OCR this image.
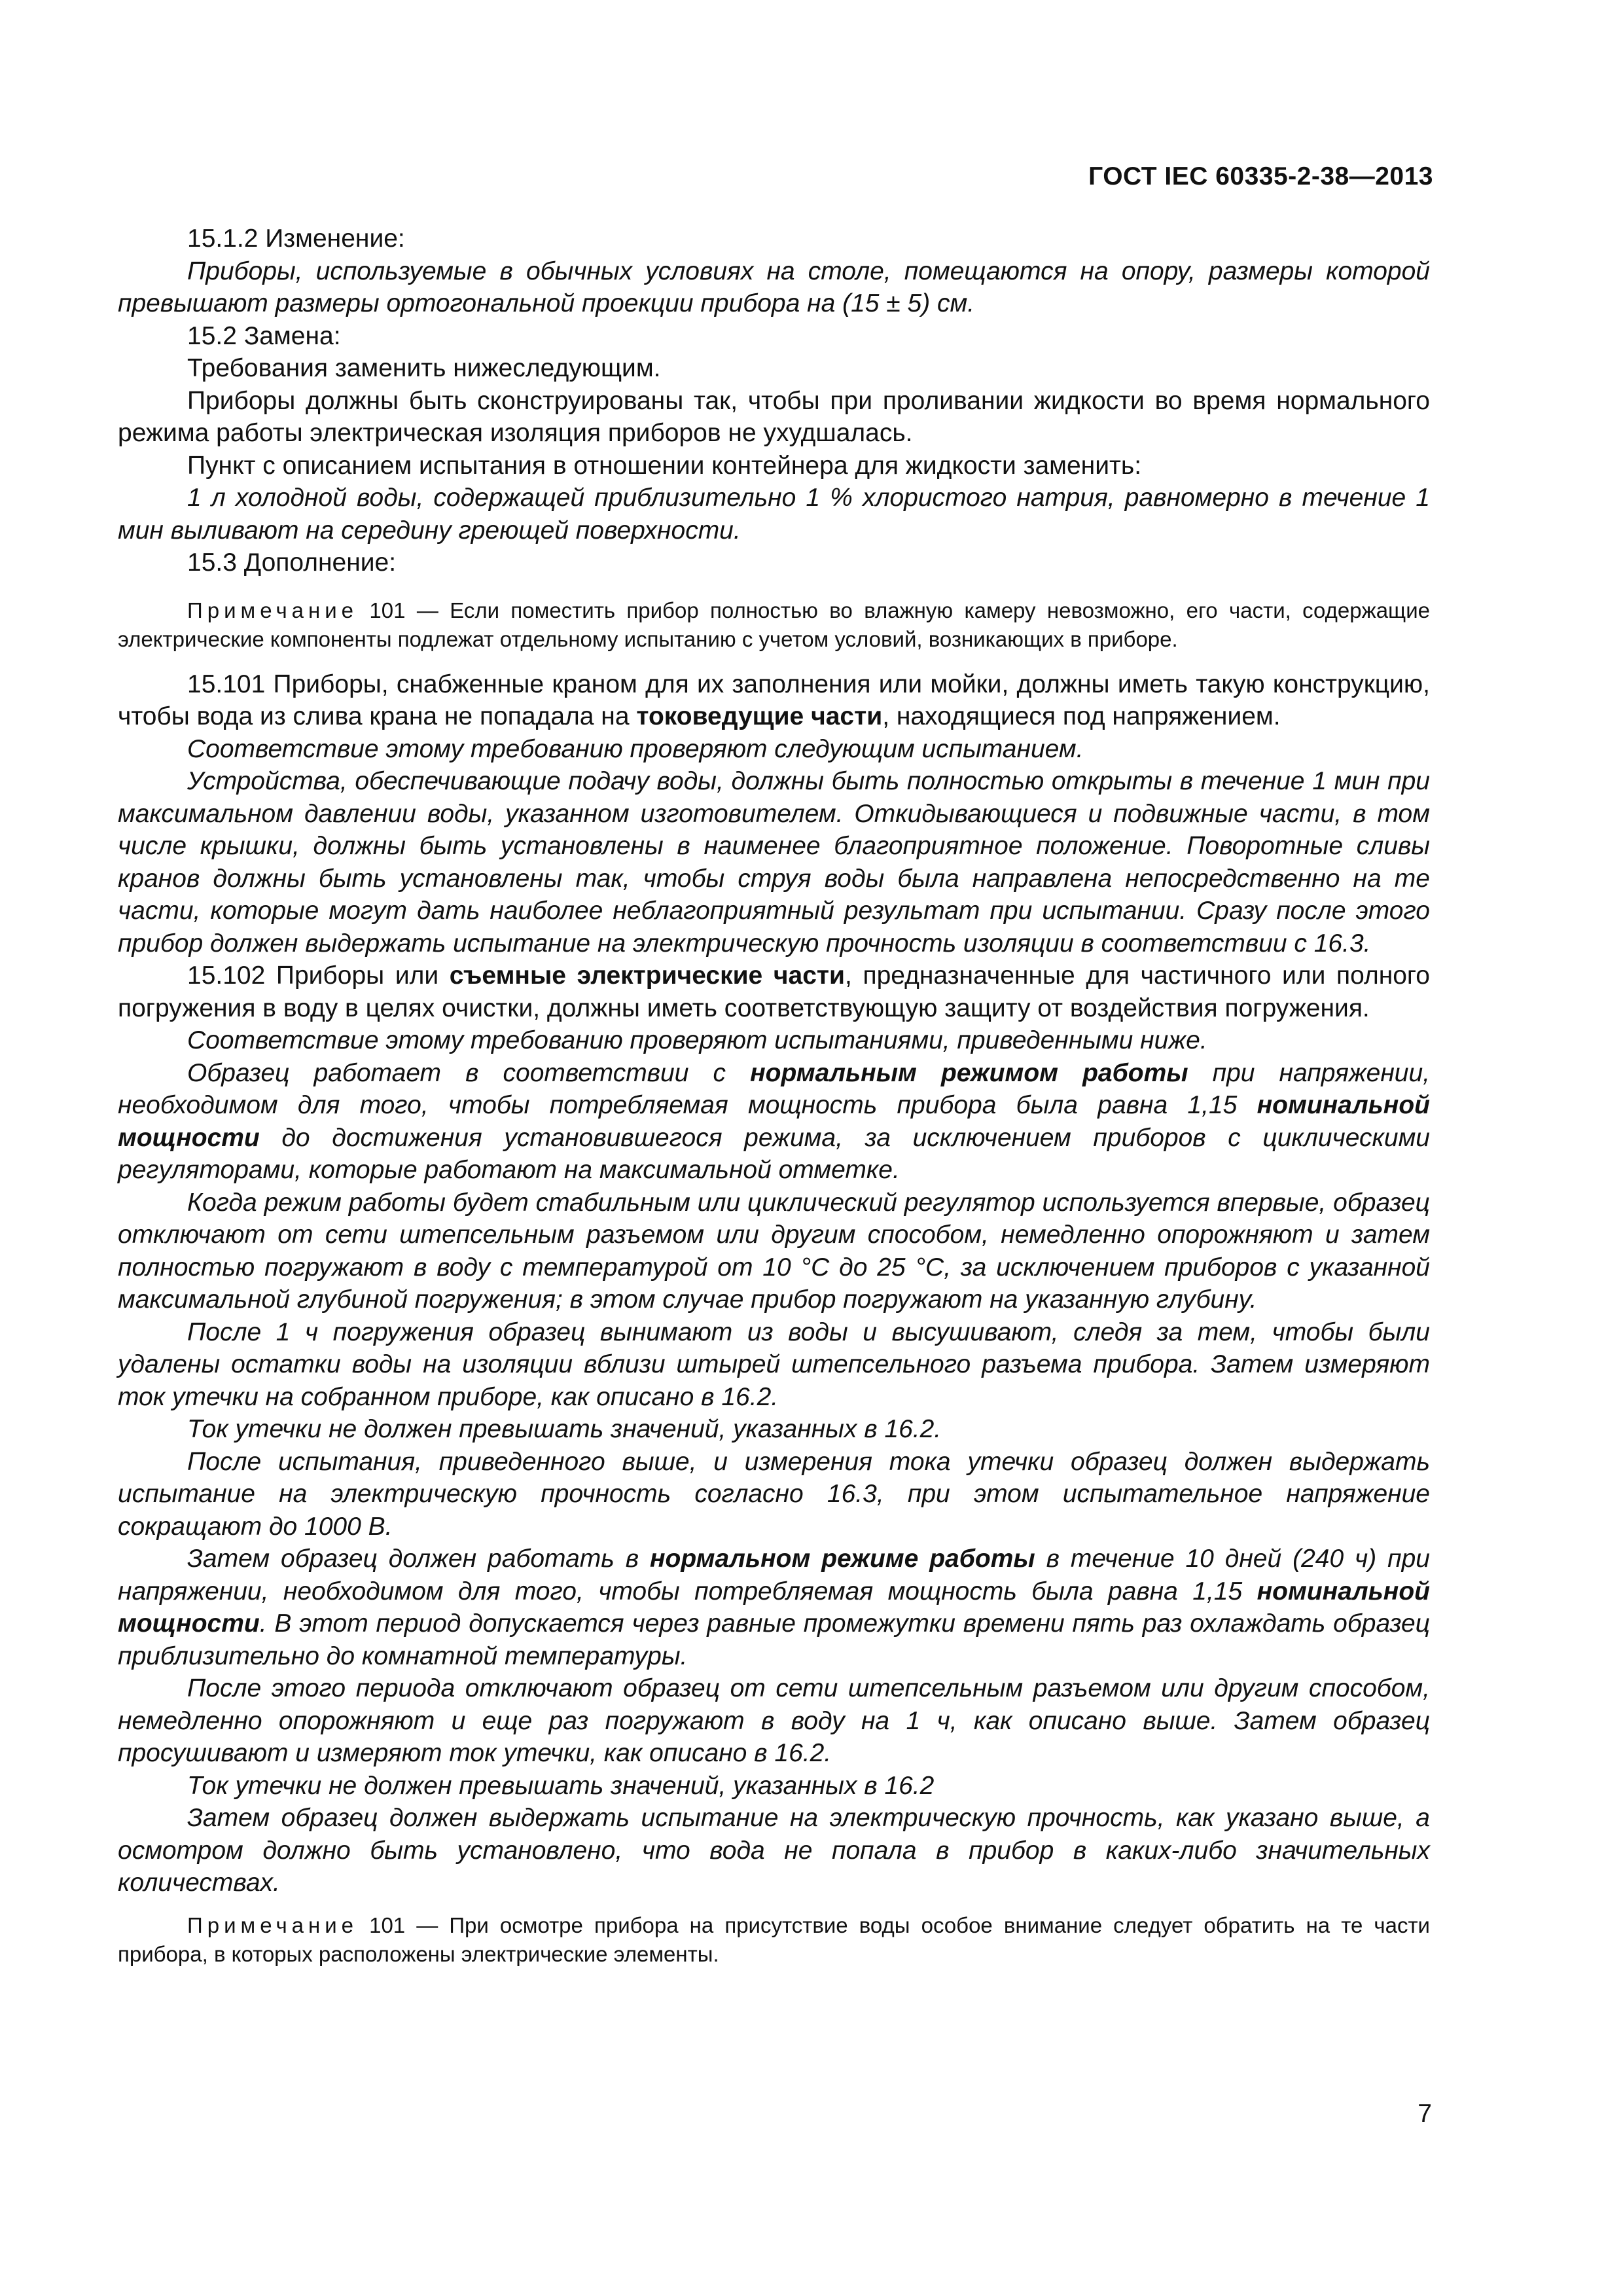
ГОСТ IEC 60335-2-38—2013

15.1.2 Изменение:

Приборы, используемые в обычных условиях на столе, помещаются на опору, размеры которой превышают размеры ортогональной проекции прибора на (15 ± 5) см.

15.2 Замена:

Требования заменить нижеследующим.

Приборы должны быть сконструированы так, чтобы при проливании жидкости во время нормального режима работы электрическая изоляция приборов не ухудшалась.

Пункт с описанием испытания в отношении контейнера для жидкости заменить:

1 л холодной воды, содержащей приблизительно 1 % хлористого натрия, равномерно в течение 1 мин выливают на середину греющей поверхности.

15.3 Дополнение:

Примечание 101 — Если поместить прибор полностью во влажную камеру невозможно, его части, содержащие электрические компоненты подлежат отдельному испытанию с учетом условий, возникающих в приборе.

15.101 Приборы, снабженные краном для их заполнения или мойки, должны иметь такую конструкцию, чтобы вода из слива крана не попадала на токоведущие части, находящиеся под напряжением.

Соответствие этому требованию проверяют следующим испытанием.

Устройства, обеспечивающие подачу воды, должны быть полностью открыты в течение 1 мин при максимальном давлении воды, указанном изготовителем. Откидывающиеся и подвижные части, в том числе крышки, должны быть установлены в наименее благоприятное положение. Поворотные сливы кранов должны быть установлены так, чтобы струя воды была направлена непосредственно на те части, которые могут дать наиболее неблагоприятный результат при испытании. Сразу после этого прибор должен выдержать испытание на электрическую прочность изоляции в соответствии с 16.3.

15.102 Приборы или съемные электрические части, предназначенные для частичного или полного погружения в воду в целях очистки, должны иметь соответствующую защиту от воздействия погружения.

Соответствие этому требованию проверяют испытаниями, приведенными ниже.

Образец работает в соответствии с нормальным режимом работы при напряжении, необходимом для того, чтобы потребляемая мощность прибора была равна 1,15 номинальной мощности до достижения установившегося режима, за исключением приборов с циклическими регуляторами, которые работают на максимальной отметке.

Когда режим работы будет стабильным или циклический регулятор используется впервые, образец отключают от сети штепсельным разъемом или другим способом, немедленно опорожняют и затем полностью погружают в воду с температурой от 10 °С до 25 °С, за исключением приборов с указанной максимальной глубиной погружения; в этом случае прибор погружают на указанную глубину.

После 1 ч погружения образец вынимают из воды и высушивают, следя за тем, чтобы были удалены остатки воды на изоляции вблизи штырей штепсельного разъема прибора. Затем измеряют ток утечки на собранном приборе, как описано в 16.2.

Ток утечки не должен превышать значений, указанных в 16.2.

После испытания, приведенного выше, и измерения тока утечки образец должен выдержать испытание на электрическую прочность согласно 16.3, при этом испытательное напряжение сокращают до 1000 В.

Затем образец должен работать в нормальном режиме работы в течение 10 дней (240 ч) при напряжении, необходимом для того, чтобы потребляемая мощность была равна 1,15 номинальной мощности. В этот период допускается через равные промежутки времени пять раз охлаждать образец приблизительно до комнатной температуры.

После этого периода отключают образец от сети штепсельным разъемом или другим способом, немедленно опорожняют и еще раз погружают в воду на 1 ч, как описано выше. Затем образец просушивают и измеряют ток утечки, как описано в 16.2.

Ток утечки не должен превышать значений, указанных в 16.2

Затем образец должен выдержать испытание на электрическую прочность, как указано выше, а осмотром должно быть установлено, что вода не попала в прибор в каких-либо значительных количествах.

Примечание 101 — При осмотре прибора на присутствие воды особое внимание следует обратить на те части прибора, в которых расположены электрические элементы.

7
